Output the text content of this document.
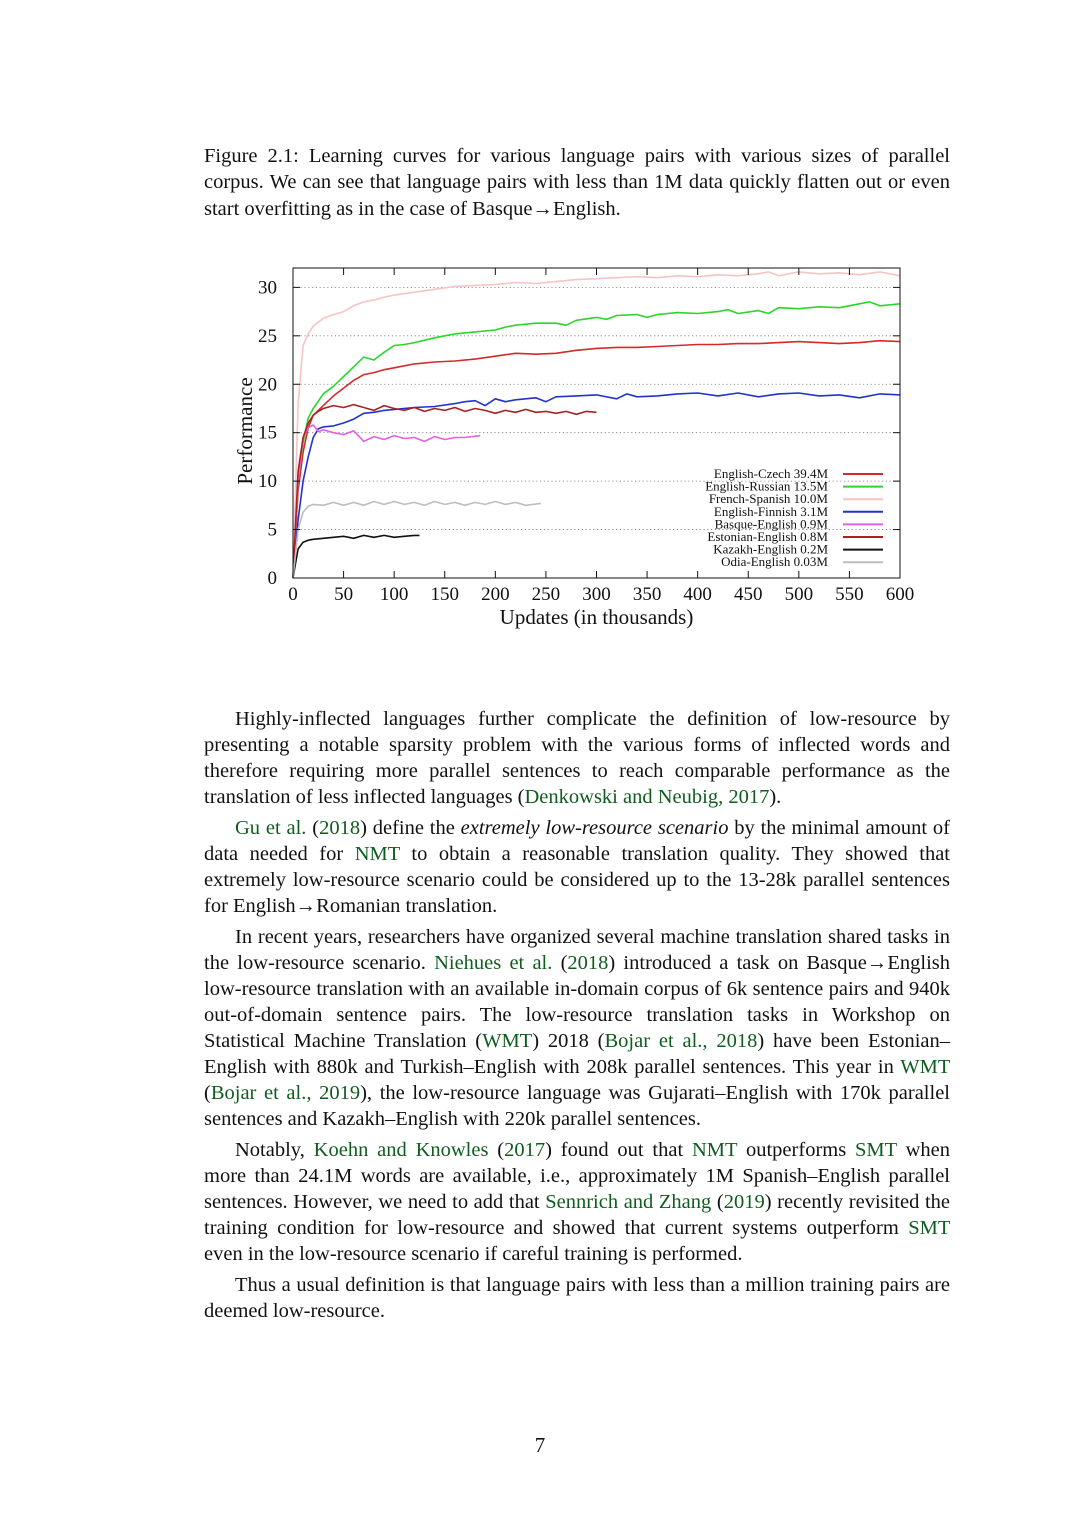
Figure 2.1: Learning curves for various language pairs with various sizes of parallel corpus. We can see that language pairs with less than 1M data quickly flatten out or even start overfitting as in the case of Basque→English.
0 50 100 150 200 250 300 350 400 450 500 550 600
0
5
10
15
20
25
30
Updates (in thousands)
Performance	English-Czech 39.4M
English-Russian 13.5M
French-Spanish 10.0M
English-Finnish 3.1M
Basque-English 0.9M
Estonian-English 0.8M
Kazakh-English 0.2M
Odia-English 0.03M

Highly-inflected languages further complicate the definition of low-resource by presenting a notable sparsity problem with the various forms of inflected words and therefore requiring more parallel sentences to reach comparable performance as the translation of less inflected languages (Denkowski and Neubig, 2017).

Gu et al. (2018) define the extremely low-resource scenario by the minimal amount of data needed for NMT to obtain a reasonable translation quality. They showed that extremely low-resource scenario could be considered up to the 13-28k parallel sentences for English→Romanian translation.

In recent years, researchers have organized several machine translation shared tasks in the low-resource scenario. Niehues et al. (2018) introduced a task on Basque→English low-resource translation with an available in-domain corpus of 6k sentence pairs and 940k out-of-domain sentence pairs. The low-resource translation tasks in Workshop on Statistical Machine Translation (WMT) 2018 (Bojar et al., 2018) have been Estonian–English with 880k and Turkish–English with 208k parallel sentences. This year in WMT (Bojar et al., 2019), the low-resource language was Gujarati–English with 170k parallel sentences and Kazakh–English with 220k parallel sentences.

Notably, Koehn and Knowles (2017) found out that NMT outperforms SMT when more than 24.1M words are available, i.e., approximately 1M Spanish–English parallel sentences. However, we need to add that Sennrich and Zhang (2019) recently revisited the training condition for low-resource and showed that current systems outperform SMT even in the low-resource scenario if careful training is performed.

Thus a usual definition is that language pairs with less than a million training pairs are deemed low-resource.

7
